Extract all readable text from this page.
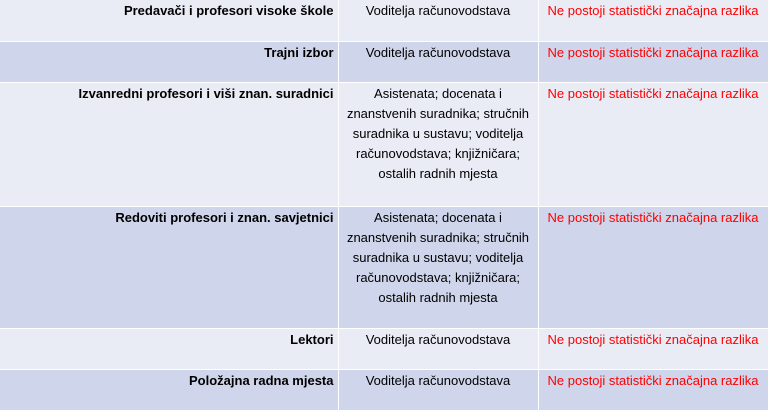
Predavači i profesori visoke škole	Voditelja računovodstava	Ne postoji statistički značajna razlika
Trajni izbor	Voditelja računovodstava	Ne postoji statistički značajna razlika
Izvanredni profesori i viši znan. suradnici	Asistenata; docenata i znanstvenih suradnika; stručnih suradnika u sustavu; voditelja računovodstava; knjižničara; ostalih radnih mjesta	Ne postoji statistički značajna razlika
Redoviti profesori i znan. savjetnici	Asistenata; docenata i znanstvenih suradnika; stručnih suradnika u sustavu; voditelja računovodstava; knjižničara; ostalih radnih mjesta	Ne postoji statistički značajna razlika
Lektori	Voditelja računovodstava	Ne postoji statistički značajna razlika
Položajna radna mjesta	Voditelja računovodstava	Ne postoji statistički značajna razlika
